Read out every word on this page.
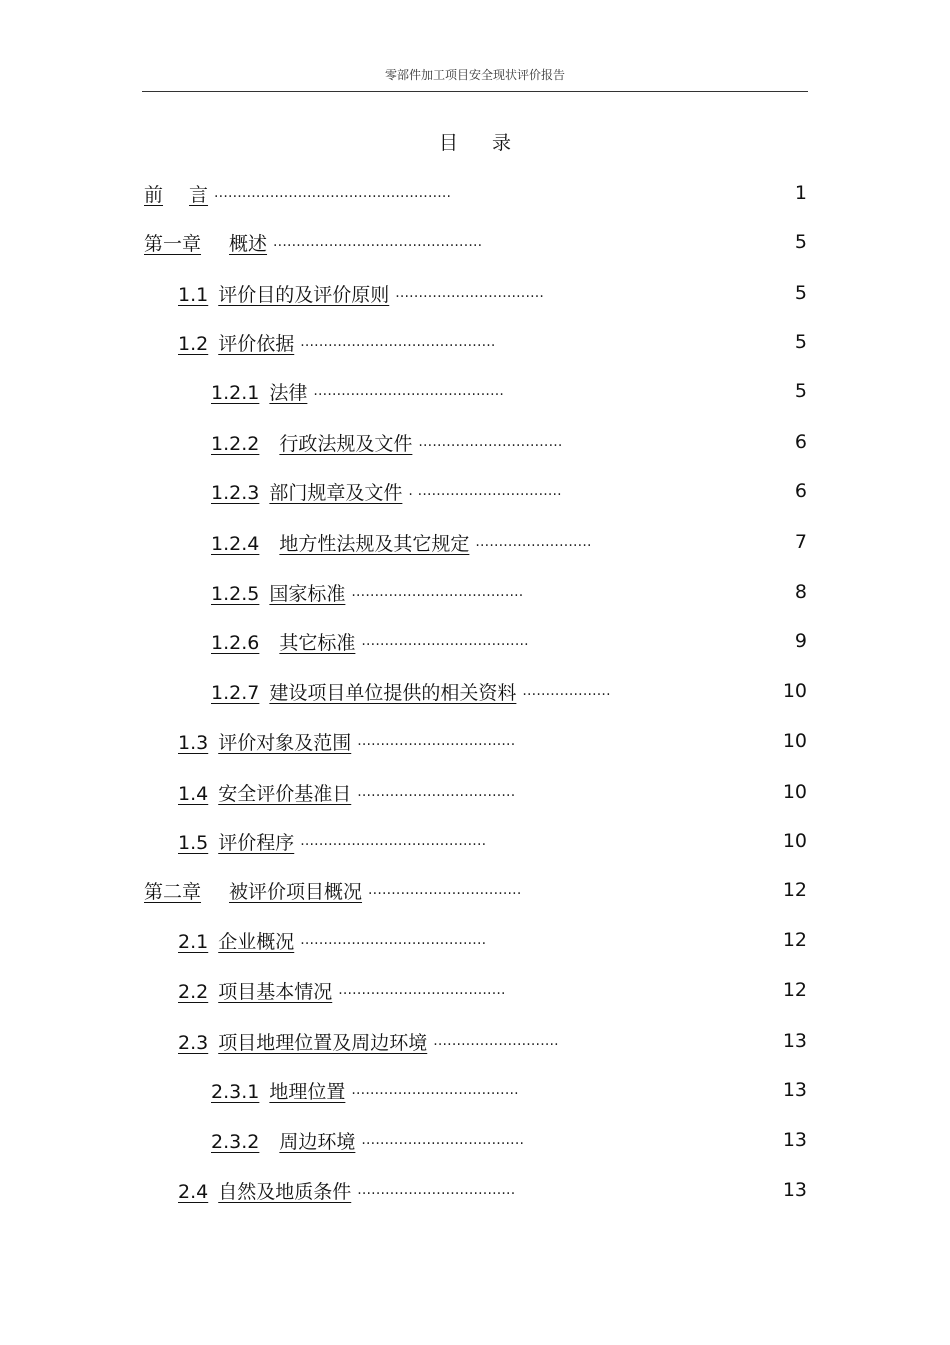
零部件加工项目安全现状评价报告
目 录
前 言 ...................................................	1
第一章 概述 .............................................	5
1.1 评价目的及评价原则 ................................	5
1.2 评价依据 ..........................................	5
1.2.1 法律 .........................................	5
1.2.2 行政法规及文件 ...............................	6
1.2.3 部门规章及文件 . ...............................	6
1.2.4 地方性法规及其它规定 .........................	7
1.2.5 国家标准 .....................................	8
1.2.6 其它标准 ....................................	9
1.2.7 建设项目单位提供的相关资料 ...................	10
1.3 评价对象及范围 ..................................	10
1.4 安全评价基准日 ..................................	10
1.5 评价程序 ........................................	10
第二章 被评价项目概况 .................................	12
2.1 企业概况 ........................................	12
2.2 项目基本情况 ....................................	12
2.3 项目地理位置及周边环境 ...........................	13
2.3.1 地理位置 ....................................	13
2.3.2 周边环境 ...................................	13
2.4 自然及地质条件 ..................................	13
